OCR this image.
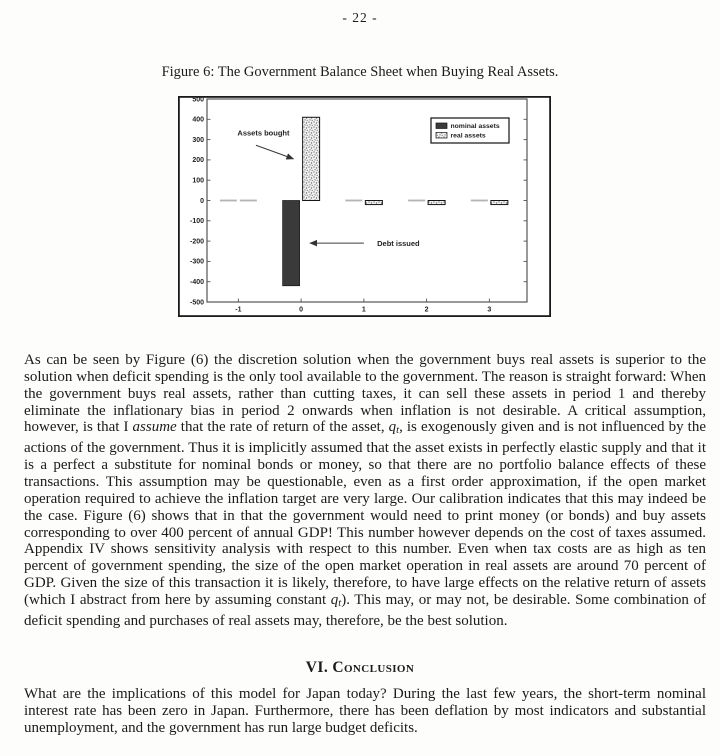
- 22 -
Figure 6: The Government Balance Sheet when Buying Real Assets.
500
400
300
200
100
0
-100
-200
-300
-400
-500
-1	0	1	2	3
nominal assets
real assets
Assets bought
Debt issued
As can be seen by Figure (6) the discretion solution when the government buys real assets is superior to the solution when deficit spending is the only tool available to the government. The reason is straight forward: When the government buys real assets, rather than cutting taxes, it can sell these assets in period 1 and thereby eliminate the inflationary bias in period 2 onwards when inflation is not desirable. A critical assumption, however, is that I assume that the rate of return of the asset, qt, is exogenously given and is not influenced by the actions of the government. Thus it is implicitly assumed that the asset exists in perfectly elastic supply and that it is a perfect a substitute for nominal bonds or money, so that there are no portfolio balance effects of these transactions. This assumption may be questionable, even as a first order approximation, if the open market operation required to achieve the inflation target are very large. Our calibration indicates that this may indeed be the case. Figure (6) shows that in that the government would need to print money (or bonds) and buy assets corresponding to over 400 percent of annual GDP! This number however depends on the cost of taxes assumed. Appendix IV shows sensitivity analysis with respect to this number. Even when tax costs are as high as ten percent of government spending, the size of the open market operation in real assets are around 70 percent of GDP. Given the size of this transaction it is likely, therefore, to have large effects on the relative return of assets (which I abstract from here by assuming constant qt). This may, or may not, be desirable. Some combination of deficit spending and purchases of real assets may, therefore, be the best solution.
VI. Conclusion
What are the implications of this model for Japan today? During the last few years, the short-term nominal interest rate has been zero in Japan. Furthermore, there has been deflation by most indicators and substantial unemployment, and the government has run large budget deficits.
